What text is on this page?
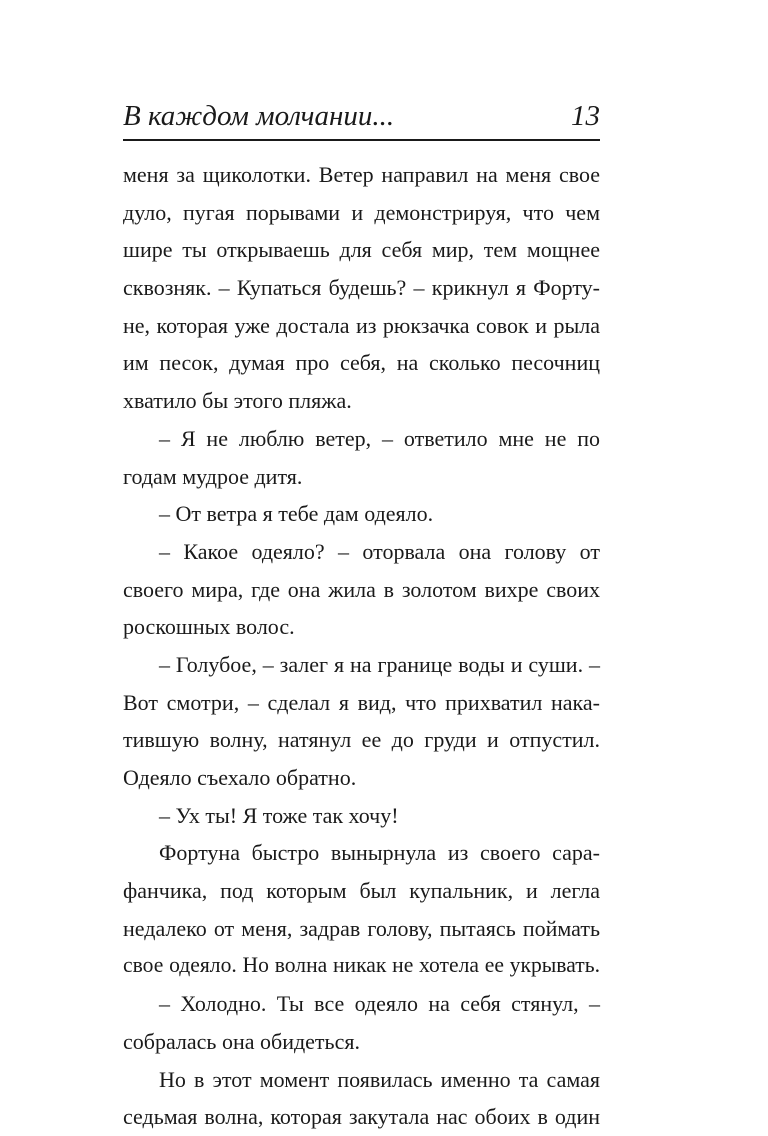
В каждом молчании...	13
меня за щиколотки. Ветер направил на меня свое
дуло, пугая порывами и демонстрируя, что чем
шире ты открываешь для себя мир, тем мощнее
сквозняк. – Купаться будешь? – крикнул я Форту-
не, которая уже достала из рюкзачка совок и рыла
им песок, думая про себя, на сколько песочниц
хватило бы этого пляжа.
– Я не люблю ветер, – ответило мне не по
годам мудрое дитя.
– От ветра я тебе дам одеяло.
– Какое одеяло? – оторвала она голову от
своего мира, где она жила в золотом вихре своих
роскошных волос.
– Голубое, – залег я на границе воды и суши. –
Вот смотри, – сделал я вид, что прихватил нака-
тившую волну, натянул ее до груди и отпустил.
Одеяло съехало обратно.
– Ух ты! Я тоже так хочу!
Фортуна быстро вынырнула из своего сара-
фанчика, под которым был купальник, и легла
недалеко от меня, задрав голову, пытаясь поймать
свое одеяло. Но волна никак не хотела ее укрывать.
– Холодно. Ты все одеяло на себя стянул, –
собралась она обидеться.
Но в этот момент появилась именно та самая
седьмая волна, которая закутала нас обоих в один
